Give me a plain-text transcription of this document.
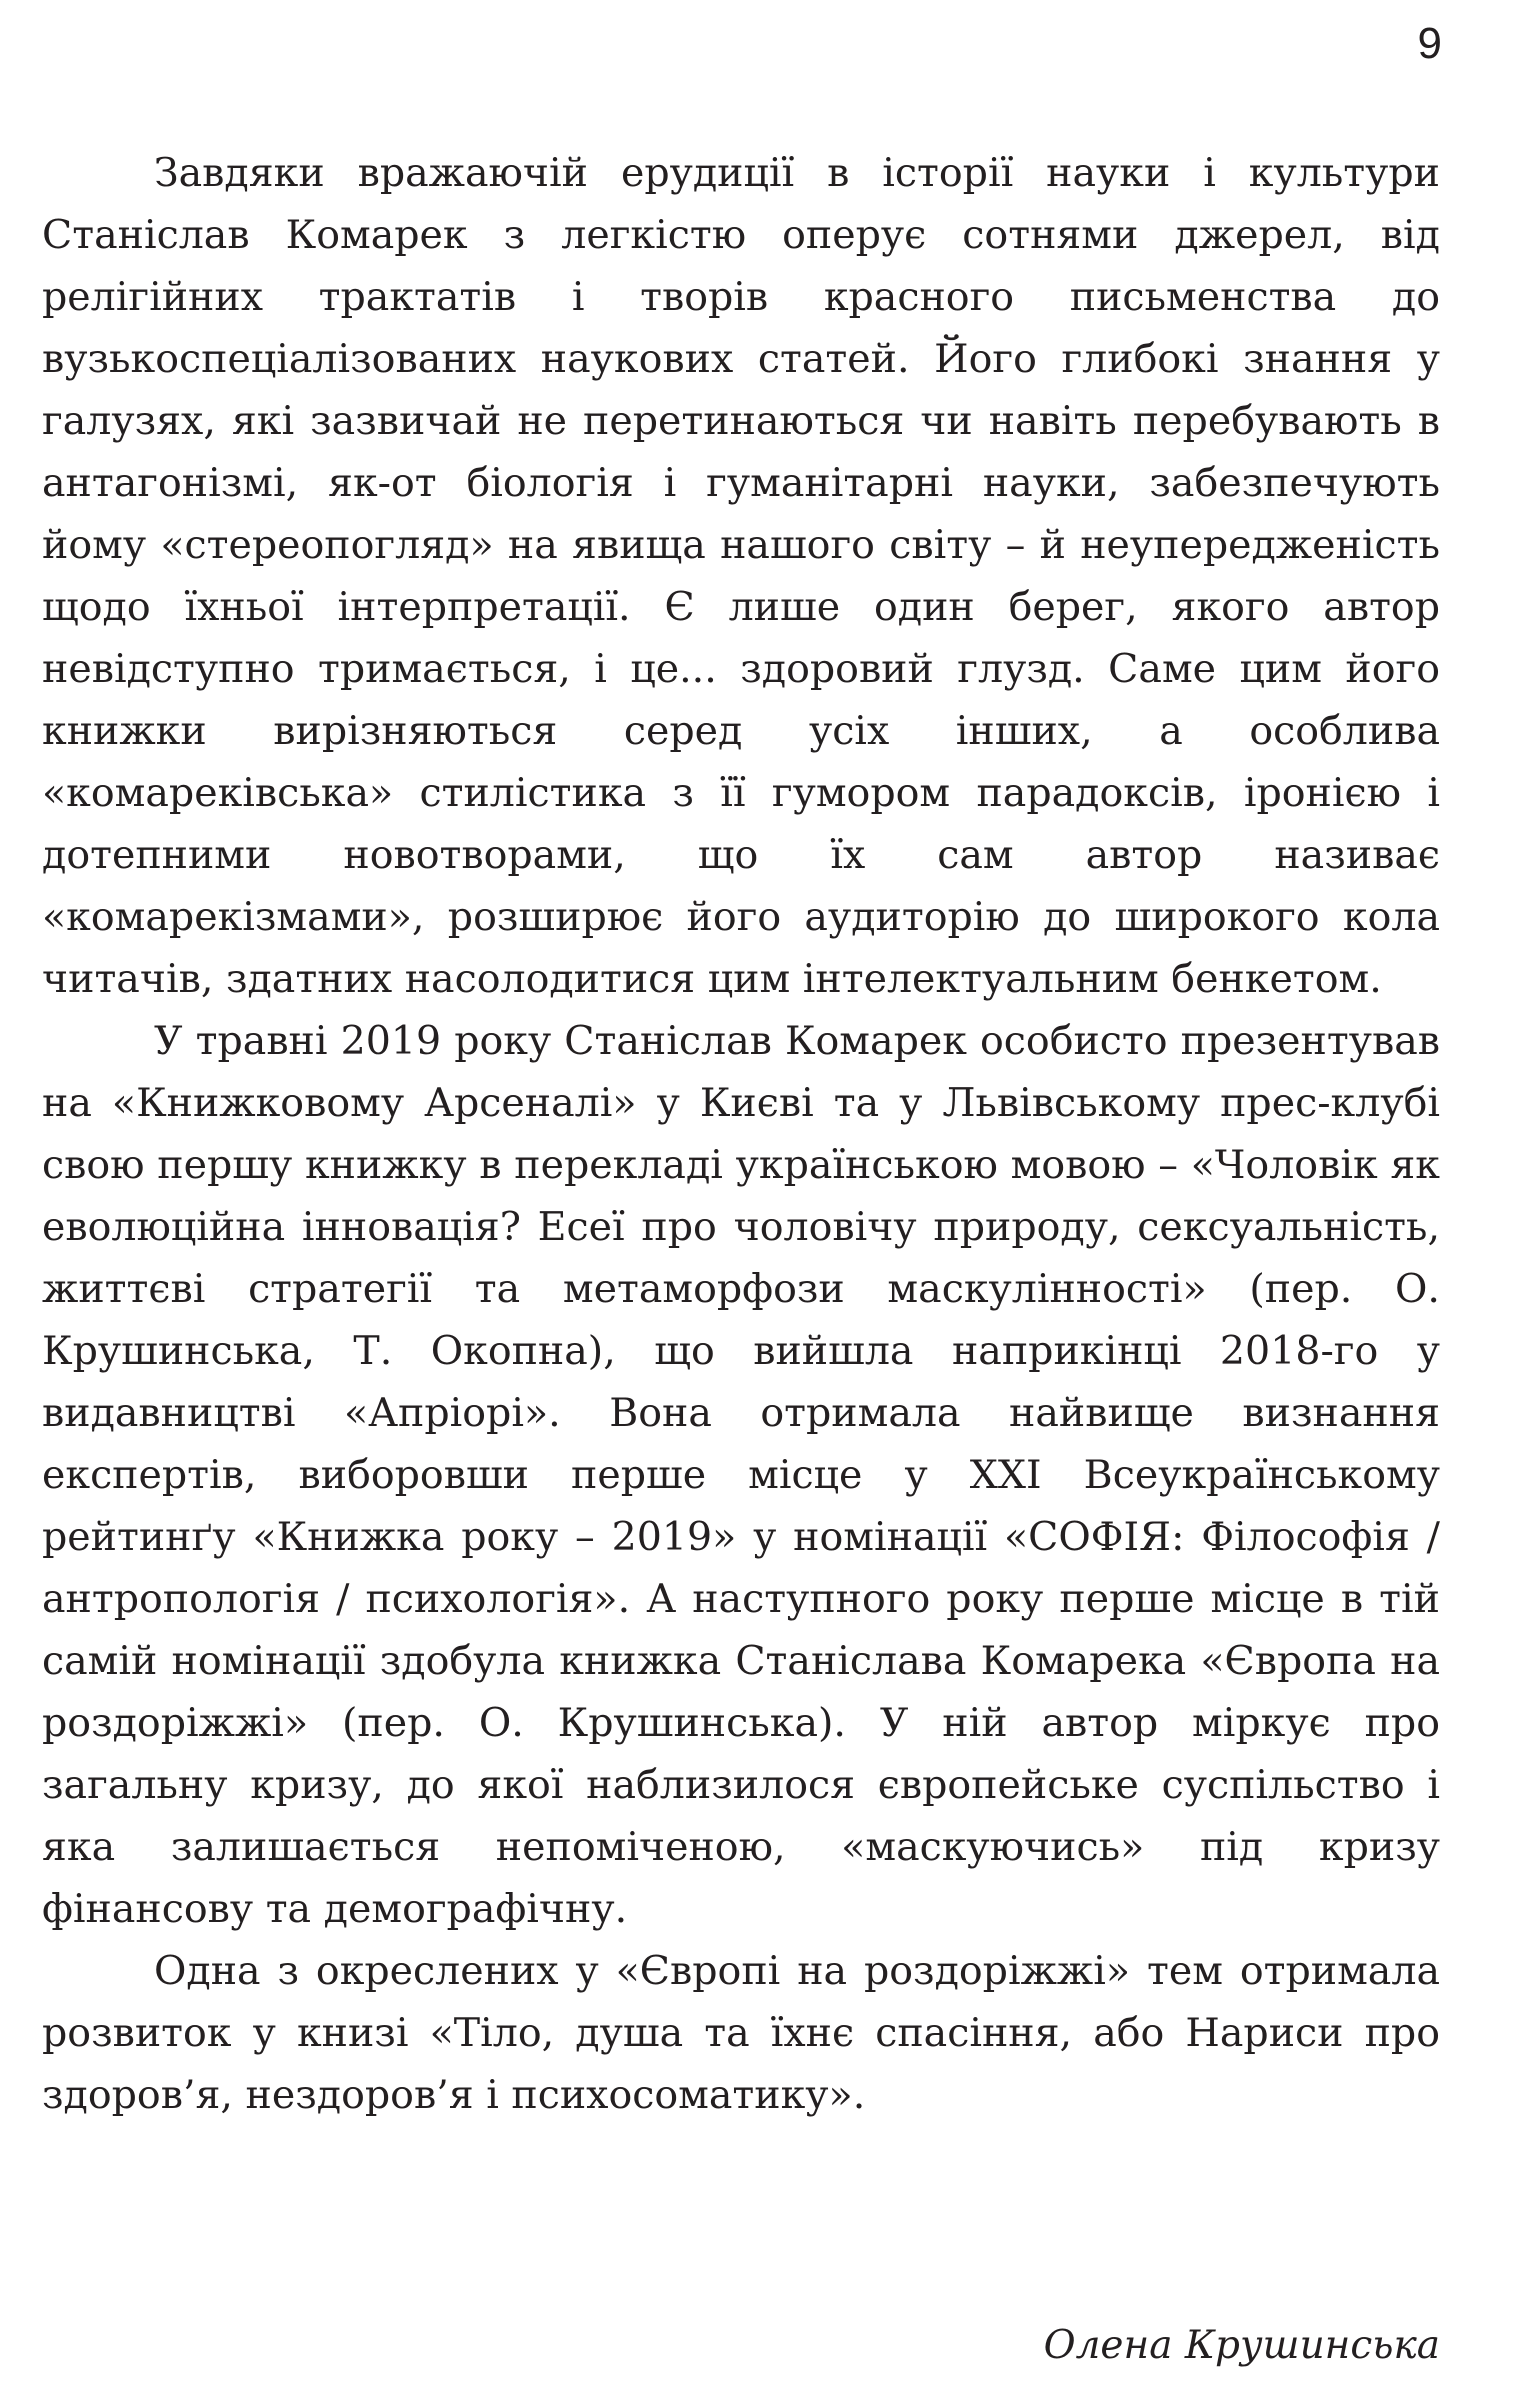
9

Завдяки вражаючій ерудиції в історії науки і культури Станіслав Комарек з легкістю оперує сотнями джерел, від релігійних трактатів і творів красного письменства до вузькоспеціалізованих наукових статей. Його глибокі знання у галузях, які зазвичай не перетинаються чи навіть перебувають в антагонізмі, як-от біологія і гуманітарні науки, забезпечують йому «стереопогляд» на явища нашого світу – й неупередженість щодо їхньої інтерпретації. Є лише один берег, якого автор невідступно тримається, і це... здоровий глузд. Саме цим його книжки вирізняються серед усіх інших, а особлива «комареківська» стилістика з її гумором парадоксів, іронією і дотепними новотворами, що їх сам автор називає «комарекізмами», розширює його аудиторію до широкого кола читачів, здатних насолодитися цим інтелектуальним бенкетом.

У травні 2019 року Станіслав Комарек особисто презентував на «Книжковому Арсеналі» у Києві та у Львівському прес-клубі свою першу книжку в перекладі українською мовою – «Чоловік як еволюційна інновація? Есеї про чоловічу природу, сексуальність, життєві стратегії та метаморфози маскулінності» (пер. О. Крушинська, Т. Окопна), що вийшла наприкінці 2018-го у видавництві «Апріорі». Вона отримала найвище визнання експертів, виборовши перше місце у XXI Всеукраїнському рейтинґу «Книжка року – 2019» у номінації «СОФІЯ: Філософія / антропологія / психологія». А наступного року перше місце в тій самій номінації здобула книжка Станіслава Комарека «Європа на роздоріжжі» (пер. О. Крушинська). У ній автор міркує про загальну кризу, до якої наблизилося європейське суспільство і яка залишається непоміченою, «маскуючись» під кризу фінансову та демографічну.

Одна з окреслених у «Європі на роздоріжжі» тем отримала розвиток у книзі «Тіло, душа та їхнє спасіння, або Нариси про здоров’я, нездоров’я і психосоматику».

Олена Крушинська
